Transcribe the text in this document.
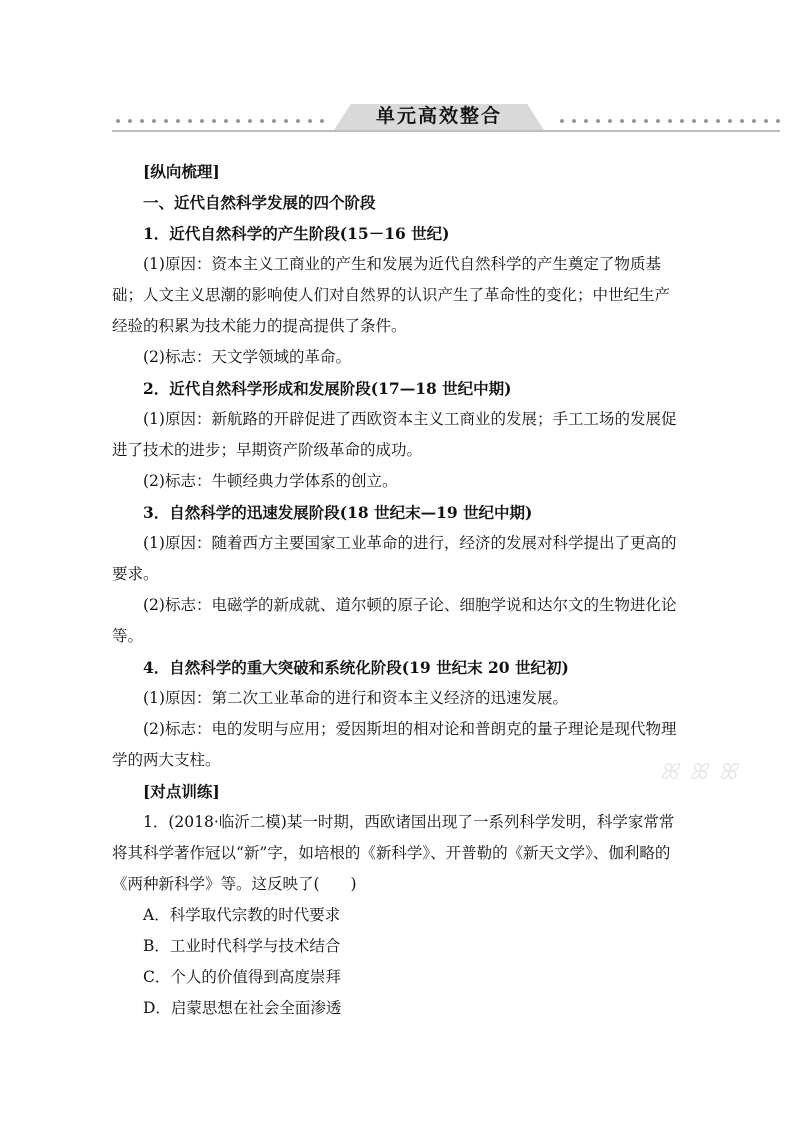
单元高效整合

[纵向梳理]

一、近代自然科学发展的四个阶段

1．近代自然科学的产生阶段(15－16 世纪)

(1)原因：资本主义工商业的产生和发展为近代自然科学的产生奠定了物质基础；人文主义思潮的影响使人们对自然界的认识产生了革命性的变化；中世纪生产经验的积累为技术能力的提高提供了条件。

(2)标志：天文学领域的革命。

2．近代自然科学形成和发展阶段(17—18 世纪中期)

(1)原因：新航路的开辟促进了西欧资本主义工商业的发展；手工工场的发展促进了技术的进步；早期资产阶级革命的成功。

(2)标志：牛顿经典力学体系的创立。

3．自然科学的迅速发展阶段(18 世纪末—19 世纪中期)

(1)原因：随着西方主要国家工业革命的进行，经济的发展对科学提出了更高的要求。

(2)标志：电磁学的新成就、道尔顿的原子论、细胞学说和达尔文的生物进化论等。

4．自然科学的重大突破和系统化阶段(19 世纪末 20 世纪初)

(1)原因：第二次工业革命的进行和资本主义经济的迅速发展。

(2)标志：电的发明与应用；爱因斯坦的相对论和普朗克的量子理论是现代物理学的两大支柱。

[对点训练]

1．(2018·临沂二模)某一时期，西欧诸国出现了一系列科学发明，科学家常常将其科学著作冠以“新”字，如培根的《新科学》、开普勒的《新天文学》、伽利略的《两种新科学》等。这反映了(　　)

A．科学取代宗教的时代要求

B．工业时代科学与技术结合

C．个人的价值得到高度崇拜

D．启蒙思想在社会全面渗透

ꕤ ꕤ ꕤ
